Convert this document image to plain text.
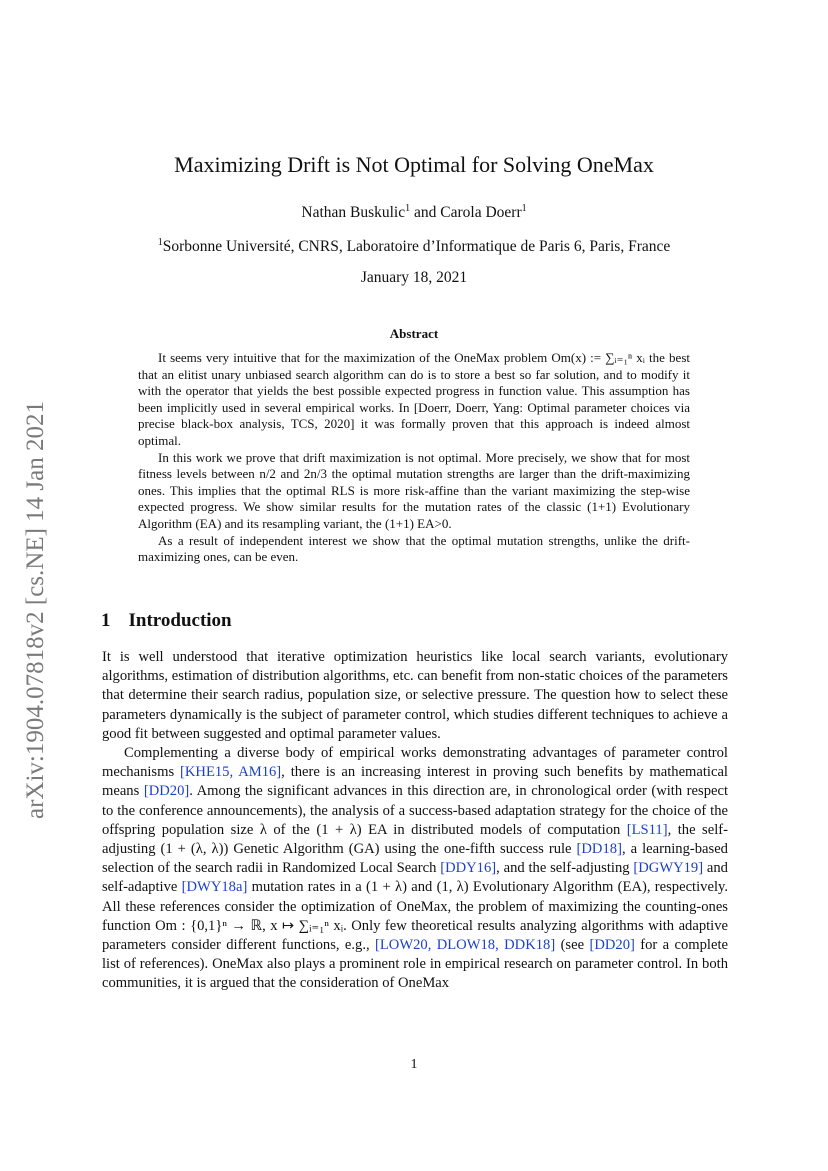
arXiv:1904.07818v2 [cs.NE] 14 Jan 2021
Maximizing Drift is Not Optimal for Solving OneMax
Nathan Buskulic$^1$ and Carola Doerr$^1$
$^1$Sorbonne Université, CNRS, Laboratoire d’Informatique de Paris 6, Paris, France
January 18, 2021
Abstract

It seems very intuitive that for the maximization of the OneMax problem Om(x) := ∑ᵢ₌₁ⁿ xᵢ the best that an elitist unary unbiased search algorithm can do is to store a best so far solution, and to modify it with the operator that yields the best possible expected progress in function value. This assumption has been implicitly used in several empirical works. In [Doerr, Doerr, Yang: Optimal parameter choices via precise black-box analysis, TCS, 2020] it was formally proven that this approach is indeed almost optimal.

In this work we prove that drift maximization is not optimal. More precisely, we show that for most fitness levels between n/2 and 2n/3 the optimal mutation strengths are larger than the drift-maximizing ones. This implies that the optimal RLS is more risk-affine than the variant maximizing the step-wise expected progress. We show similar results for the mutation rates of the classic (1+1) Evolutionary Algorithm (EA) and its resampling variant, the (1+1) EA>0.

As a result of independent interest we show that the optimal mutation strengths, unlike the drift-maximizing ones, can be even.

1 Introduction

It is well understood that iterative optimization heuristics like local search variants, evolutionary algorithms, estimation of distribution algorithms, etc. can benefit from non-static choices of the parameters that determine their search radius, population size, or selective pressure. The question how to select these parameters dynamically is the subject of parameter control, which studies different techniques to achieve a good fit between suggested and optimal parameter values.

Complementing a diverse body of empirical works demonstrating advantages of parameter control mechanisms [KHE15, AM16], there is an increasing interest in proving such benefits by mathematical means [DD20]. Among the significant advances in this direction are, in chronological order (with respect to the conference announcements), the analysis of a success-based adaptation strategy for the choice of the offspring population size λ of the (1 + λ) EA in distributed models of computation [LS11], the self-adjusting (1 + (λ, λ)) Genetic Algorithm (GA) using the one-fifth success rule [DD18], a learning-based selection of the search radii in Randomized Local Search [DDY16], and the self-adjusting [DGWY19] and self-adaptive [DWY18a] mutation rates in a (1 + λ) and (1, λ) Evolutionary Algorithm (EA), respectively. All these references consider the optimization of OneMax, the problem of maximizing the counting-ones function Om : {0,1}ⁿ → ℝ, x ↦ ∑ᵢ₌₁ⁿ xᵢ. Only few theoretical results analyzing algorithms with adaptive parameters consider different functions, e.g., [LOW20, DLOW18, DDK18] (see [DD20] for a complete list of references). OneMax also plays a prominent role in empirical research on parameter control. In both communities, it is argued that the consideration of OneMax

1
